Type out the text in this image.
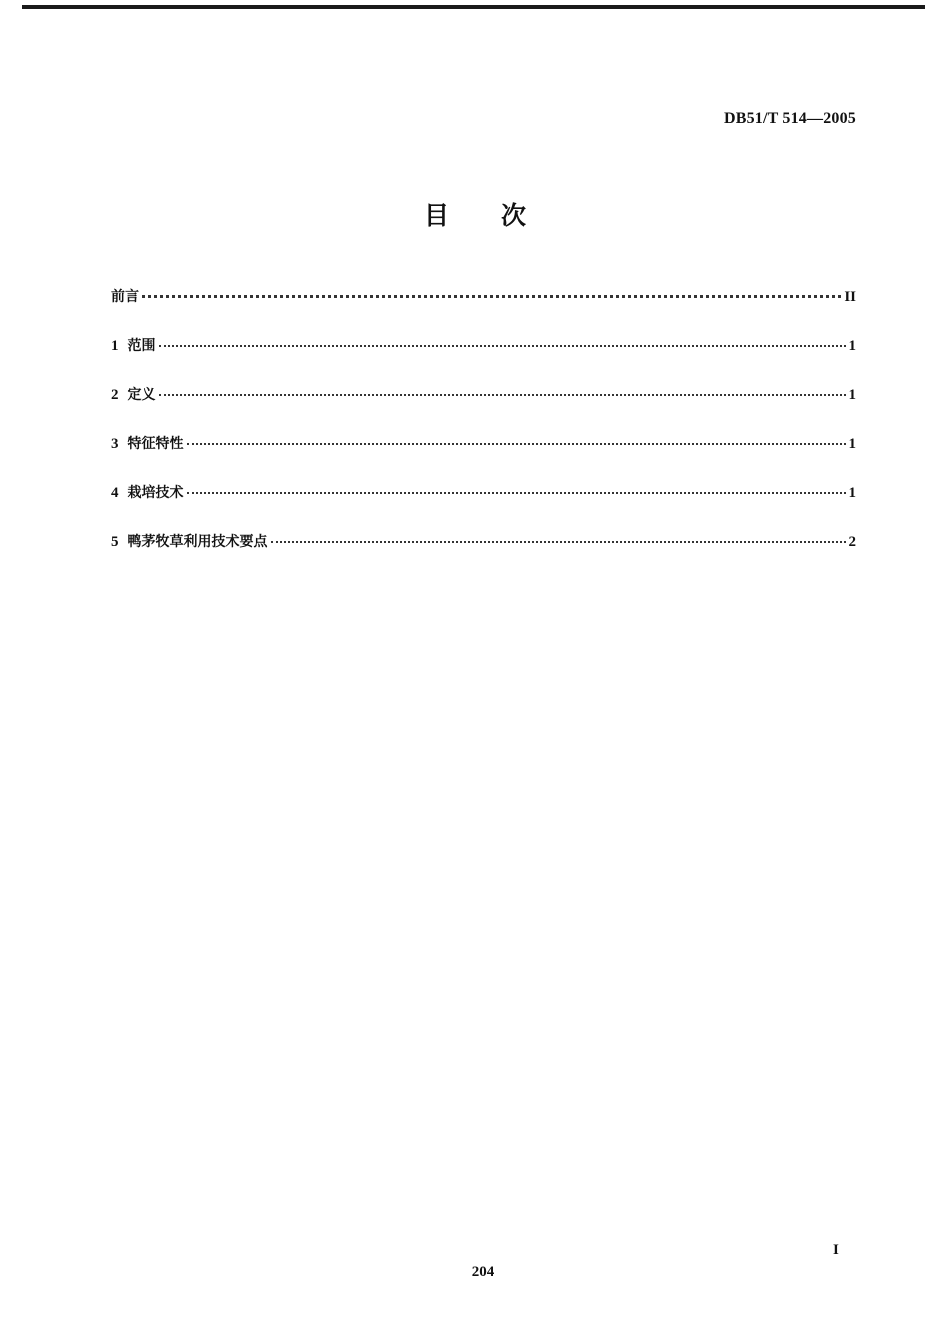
DB51/T 514—2005
目次
前言	II
1 范围	1
2 定义	1
3 特征特性	1
4 栽培技术	1
5 鸭茅牧草利用技术要点	2
I
204
